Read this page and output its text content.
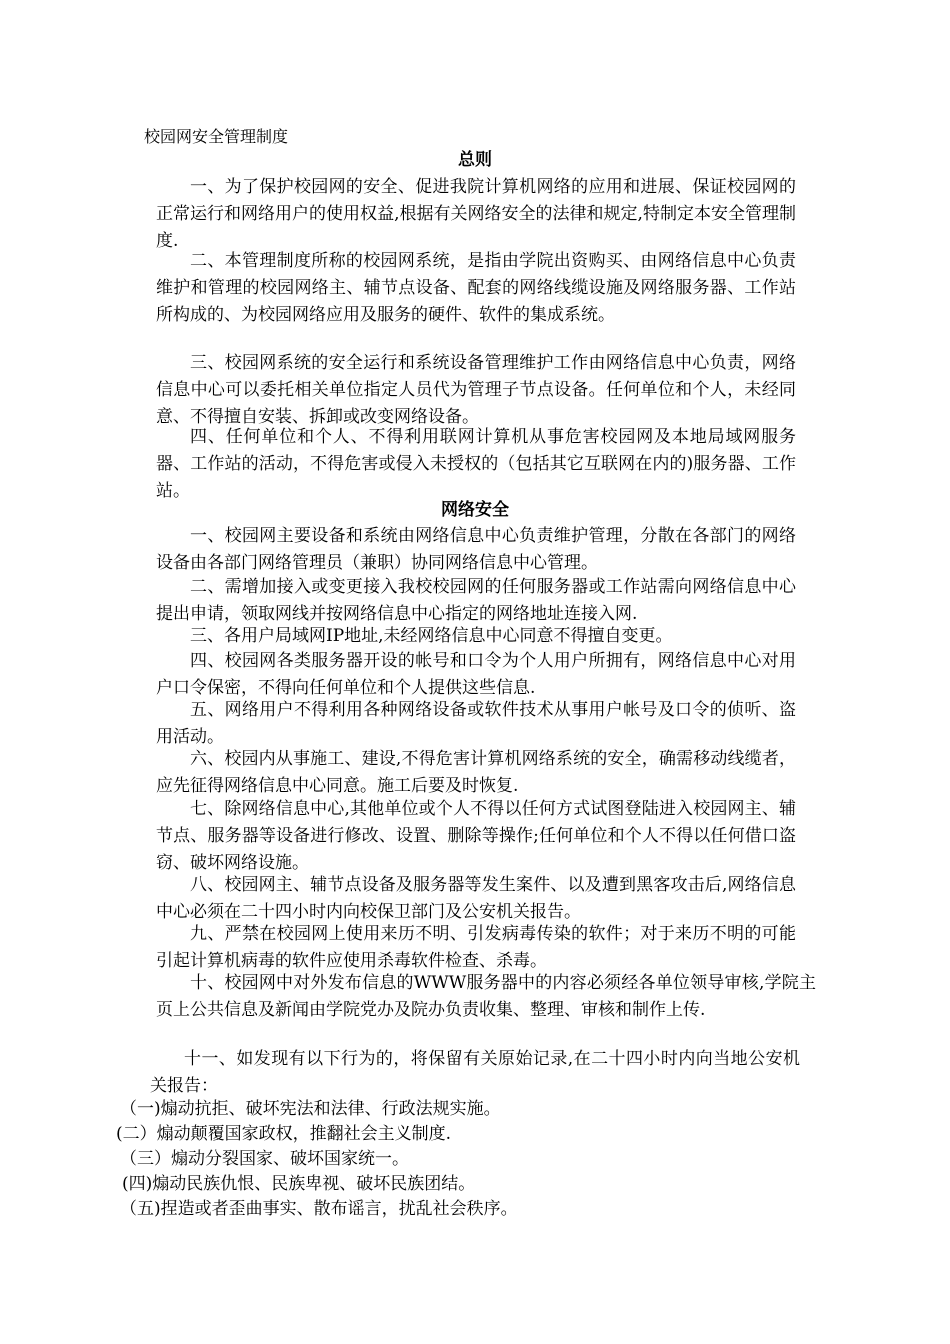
校园网安全管理制度
总则
一、为了保护校园网的安全、促进我院计算机网络的应用和进展、保证校园网的正常运行和网络用户的使用权益,根据有关网络安全的法律和规定,特制定本安全管理制度.
二、本管理制度所称的校园网系统，是指由学院出资购买、由网络信息中心负责维护和管理的校园网络主、辅节点设备、配套的网络线缆设施及网络服务器、工作站所构成的、为校园网络应用及服务的硬件、软件的集成系统。
三、校园网系统的安全运行和系统设备管理维护工作由网络信息中心负责，网络信息中心可以委托相关单位指定人员代为管理子节点设备。任何单位和个人，未经同意、不得擅自安装、拆卸或改变网络设备。
四、任何单位和个人、不得利用联网计算机从事危害校园网及本地局域网服务器、工作站的活动，不得危害或侵入未授权的（包括其它互联网在内的)服务器、工作站。
网络安全
一、校园网主要设备和系统由网络信息中心负责维护管理，分散在各部门的网络设备由各部门网络管理员（兼职）协同网络信息中心管理。
二、需增加接入或变更接入我校校园网的任何服务器或工作站需向网络信息中心提出申请，领取网线并按网络信息中心指定的网络地址连接入网.
三、各用户局域网IP地址,未经网络信息中心同意不得擅自变更。
四、校园网各类服务器开设的帐号和口令为个人用户所拥有，网络信息中心对用户口令保密，不得向任何单位和个人提供这些信息.
五、网络用户不得利用各种网络设备或软件技术从事用户帐号及口令的侦听、盗用活动。
六、校园内从事施工、建设,不得危害计算机网络系统的安全，确需移动线缆者，应先征得网络信息中心同意。施工后要及时恢复.
七、除网络信息中心,其他单位或个人不得以任何方式试图登陆进入校园网主、辅节点、服务器等设备进行修改、设置、删除等操作;任何单位和个人不得以任何借口盗窃、破坏网络设施。
八、校园网主、辅节点设备及服务器等发生案件、以及遭到黑客攻击后,网络信息中心必须在二十四小时内向校保卫部门及公安机关报告。
九、严禁在校园网上使用来历不明、引发病毒传染的软件；对于来历不明的可能引起计算机病毒的软件应使用杀毒软件检查、杀毒。
十、校园网中对外发布信息的WWW服务器中的内容必须经各单位领导审核,学院主页上公共信息及新闻由学院党办及院办负责收集、整理、审核和制作上传.
十一、如发现有以下行为的，将保留有关原始记录,在二十四小时内向当地公安机关报告：
（一)煽动抗拒、破坏宪法和法律、行政法规实施。
(二）煽动颠覆国家政权，推翻社会主义制度.
（三）煽动分裂国家、破坏国家统一。
(四)煽动民族仇恨、民族卑视、破坏民族团结。
（五)捏造或者歪曲事实、散布谣言，扰乱社会秩序。
